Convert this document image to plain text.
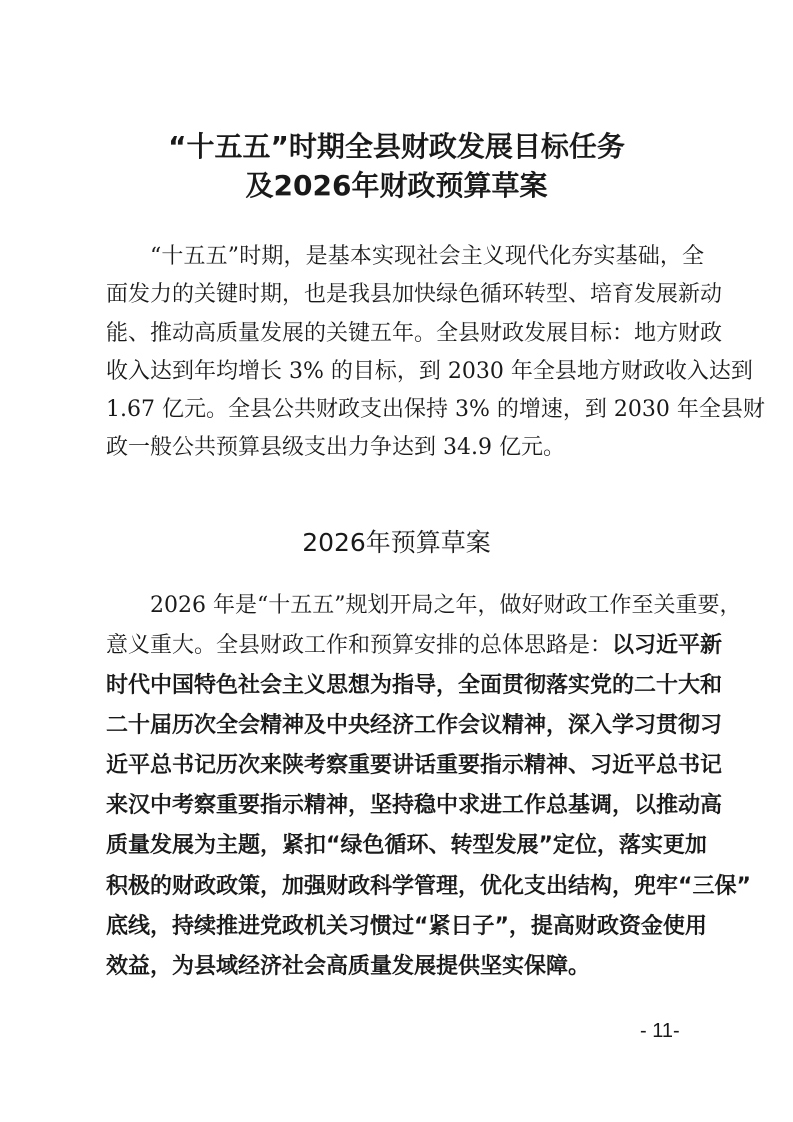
“十五五”时期全县财政发展目标任务
及2026年财政预算草案
“十五五”时期，是基本实现社会主义现代化夯实基础，全
面发力的关键时期，也是我县加快绿色循环转型、培育发展新动
能、推动高质量发展的关键五年。全县财政发展目标：地方财政
收入达到年均增长 3% 的目标，到 2030 年全县地方财政收入达到
1.67 亿元。全县公共财政支出保持 3% 的增速，到 2030 年全县财
政一般公共预算县级支出力争达到 34.9 亿元。
2026年预算草案
2026 年是“十五五”规划开局之年，做好财政工作至关重要，
意义重大。全县财政工作和预算安排的总体思路是：以习近平新
时代中国特色社会主义思想为指导，全面贯彻落实党的二十大和
二十届历次全会精神及中央经济工作会议精神，深入学习贯彻习
近平总书记历次来陕考察重要讲话重要指示精神、习近平总书记
来汉中考察重要指示精神，坚持稳中求进工作总基调，以推动高
质量发展为主题，紧扣“绿色循环、转型发展”定位，落实更加
积极的财政政策，加强财政科学管理，优化支出结构，兜牢“三保”
底线，持续推进党政机关习惯过“紧日子”，提高财政资金使用
效益，为县域经济社会高质量发展提供坚实保障。
- 11-
